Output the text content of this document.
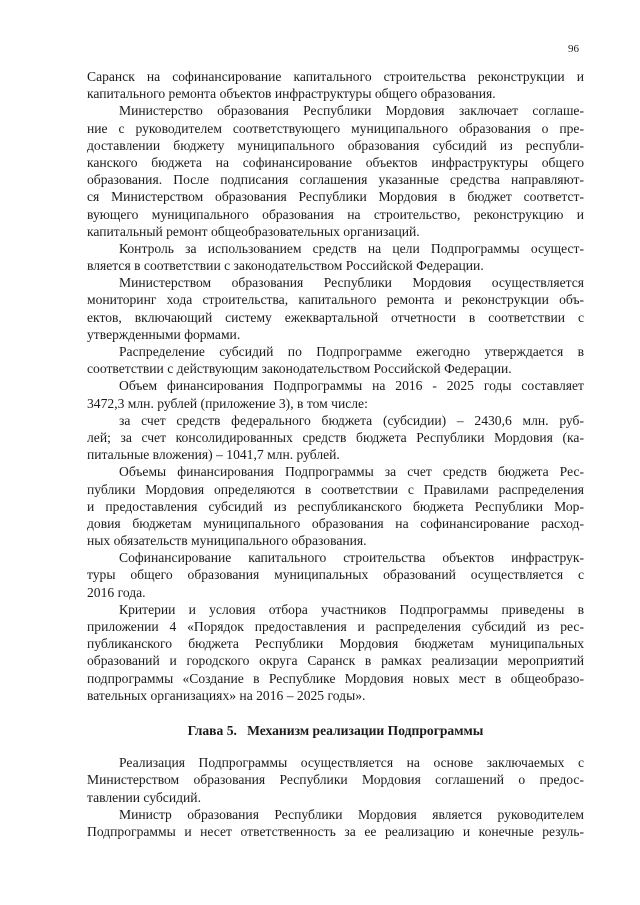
96
Саранск на софинансирование капитального строительства реконструкции и
капитального ремонта объектов инфраструктуры общего образования.
Министерство образования Республики Мордовия заключает соглаше-
ние с руководителем соответствующего муниципального образования о пре-
доставлении бюджету муниципального образования субсидий из республи-
канского бюджета на софинансирование объектов инфраструктуры общего
образования. После подписания соглашения указанные средства направляют-
ся Министерством образования Республики Мордовия в бюджет соответст-
вующего муниципального образования на строительство, реконструкцию и
капитальный ремонт общеобразовательных организаций.
Контроль за использованием средств на цели Подпрограммы осущест-
вляется в соответствии с законодательством Российской Федерации.
Министерством образования Республики Мордовия осуществляется
мониторинг хода строительства, капитального ремонта и реконструкции объ-
ектов, включающий систему ежеквартальной отчетности в соответствии с
утвержденными формами.
Распределение субсидий по Подпрограмме ежегодно утверждается в
соответствии с действующим законодательством Российской Федерации.
Объем финансирования Подпрограммы на 2016 - 2025 годы составляет
3472,3 млн. рублей (приложение 3), в том числе:
за счет средств федерального бюджета (субсидии) – 2430,6 млн. руб-
лей; за счет консолидированных средств бюджета Республики Мордовия (ка-
питальные вложения) – 1041,7 млн. рублей.
Объемы финансирования Подпрограммы за счет средств бюджета Рес-
публики Мордовия определяются в соответствии с Правилами распределения
и предоставления субсидий из республиканского бюджета Республики Мор-
довия бюджетам муниципального образования на софинансирование расход-
ных обязательств муниципального образования.
Софинансирование капитального строительства объектов инфраструк-
туры общего образования муниципальных образований осуществляется с
2016 года.
Критерии и условия отбора участников Подпрограммы приведены в
приложении 4 «Порядок предоставления и распределения субсидий из рес-
публиканского бюджета Республики Мордовия бюджетам муниципальных
образований и городского округа Саранск в рамках реализации мероприятий
подпрограммы «Создание в Республике Мордовия новых мест в общеобразо-
вательных организациях» на 2016 – 2025 годы».
Глава 5.   Механизм реализации Подпрограммы
Реализация Подпрограммы осуществляется на основе заключаемых с
Министерством образования Республики Мордовия соглашений о предос-
тавлении субсидий.
Министр образования Республики Мордовия является руководителем
Подпрограммы и несет ответственность за ее реализацию и конечные резуль-
